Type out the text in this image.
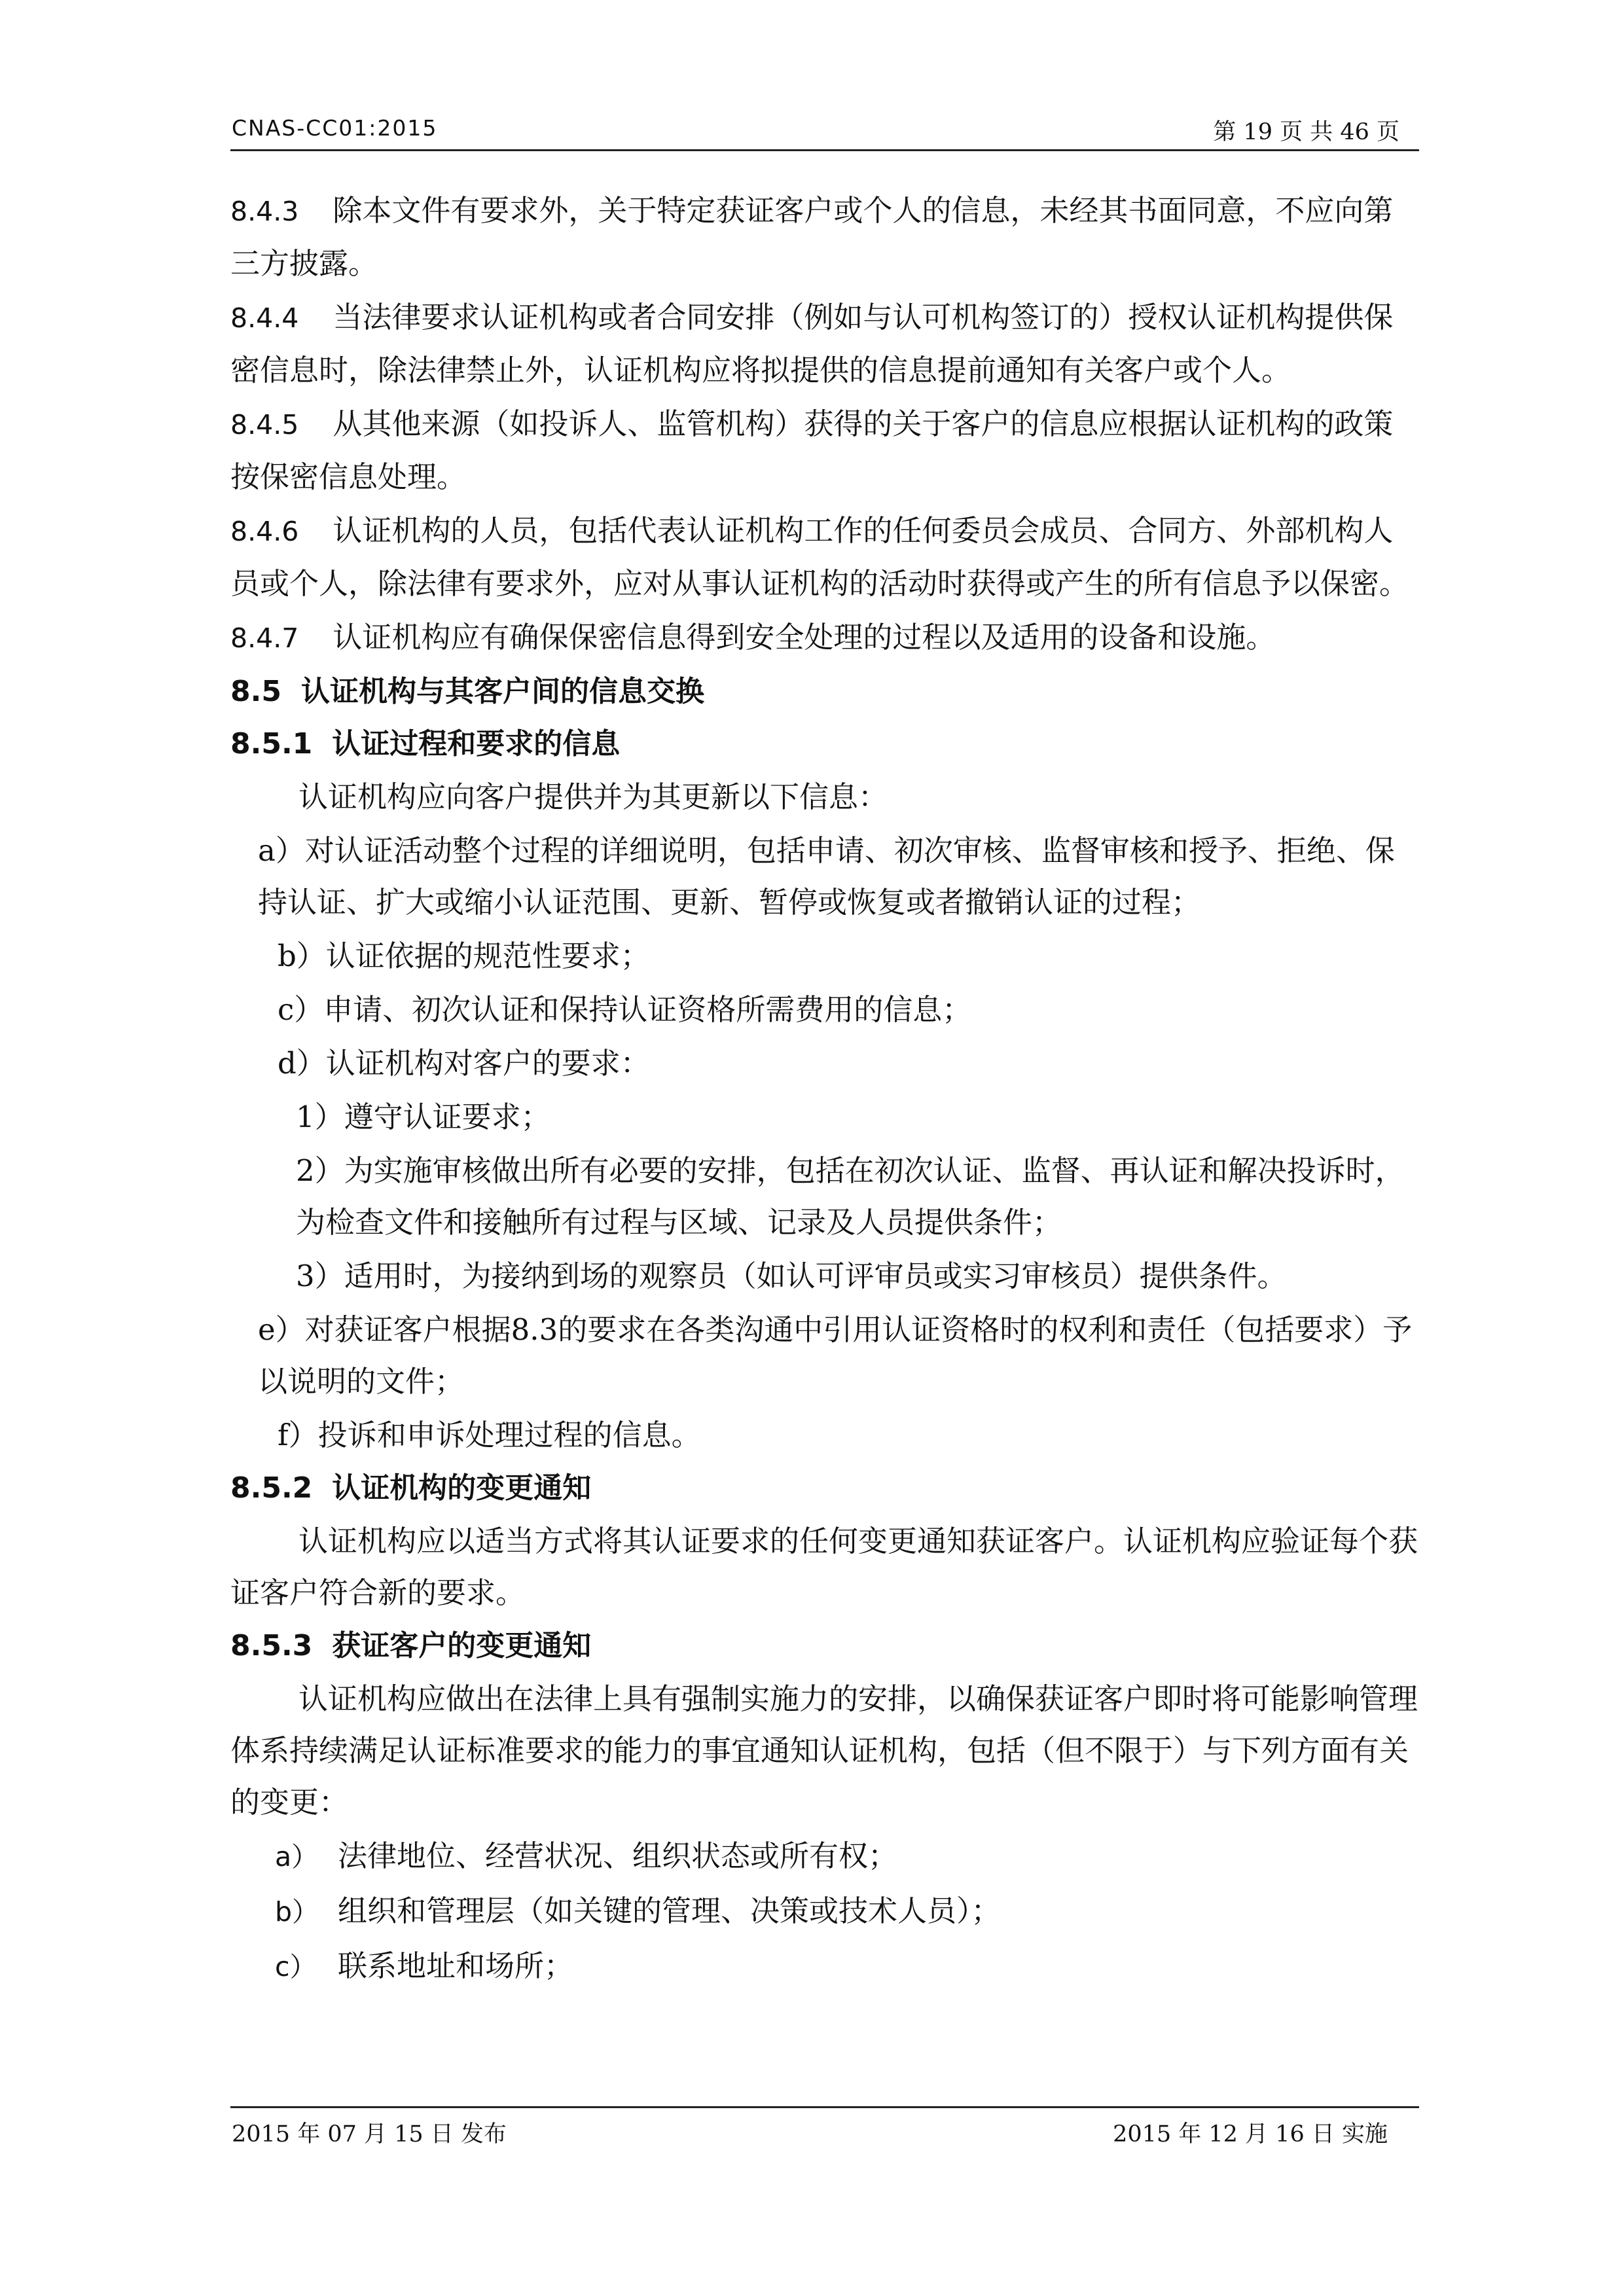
CNAS-CC01:2015	第 19 页 共 46 页

8.4.3 除本文件有要求外，关于特定获证客户或个人的信息，未经其书面同意，不应向第三方披露。

8.4.4 当法律要求认证机构或者合同安排（例如与认可机构签订的）授权认证机构提供保密信息时，除法律禁止外，认证机构应将拟提供的信息提前通知有关客户或个人。

8.4.5 从其他来源（如投诉人、监管机构）获得的关于客户的信息应根据认证机构的政策按保密信息处理。

8.4.6 认证机构的人员，包括代表认证机构工作的任何委员会成员、合同方、外部机构人员或个人，除法律有要求外，应对从事认证机构的活动时获得或产生的所有信息予以保密。

8.4.7 认证机构应有确保保密信息得到安全处理的过程以及适用的设备和设施。

8.5 认证机构与其客户间的信息交换

8.5.1 认证过程和要求的信息

认证机构应向客户提供并为其更新以下信息：

a）对认证活动整个过程的详细说明，包括申请、初次审核、监督审核和授予、拒绝、保持认证、扩大或缩小认证范围、更新、暂停或恢复或者撤销认证的过程；

b）认证依据的规范性要求；

c）申请、初次认证和保持认证资格所需费用的信息；

d）认证机构对客户的要求：

1）遵守认证要求；

2）为实施审核做出所有必要的安排，包括在初次认证、监督、再认证和解决投诉时，为检查文件和接触所有过程与区域、记录及人员提供条件；

3）适用时，为接纳到场的观察员（如认可评审员或实习审核员）提供条件。

e）对获证客户根据8.3的要求在各类沟通中引用认证资格时的权利和责任（包括要求）予以说明的文件；

f）投诉和申诉处理过程的信息。

8.5.2 认证机构的变更通知

认证机构应以适当方式将其认证要求的任何变更通知获证客户。认证机构应验证每个获证客户符合新的要求。

8.5.3 获证客户的变更通知

认证机构应做出在法律上具有强制实施力的安排，以确保获证客户即时将可能影响管理体系持续满足认证标准要求的能力的事宜通知认证机构，包括（但不限于）与下列方面有关的变更：

a） 法律地位、经营状况、组织状态或所有权；

b） 组织和管理层（如关键的管理、决策或技术人员）；

c） 联系地址和场所；

2015 年 07 月 15 日 发布	2015 年 12 月 16 日 实施
